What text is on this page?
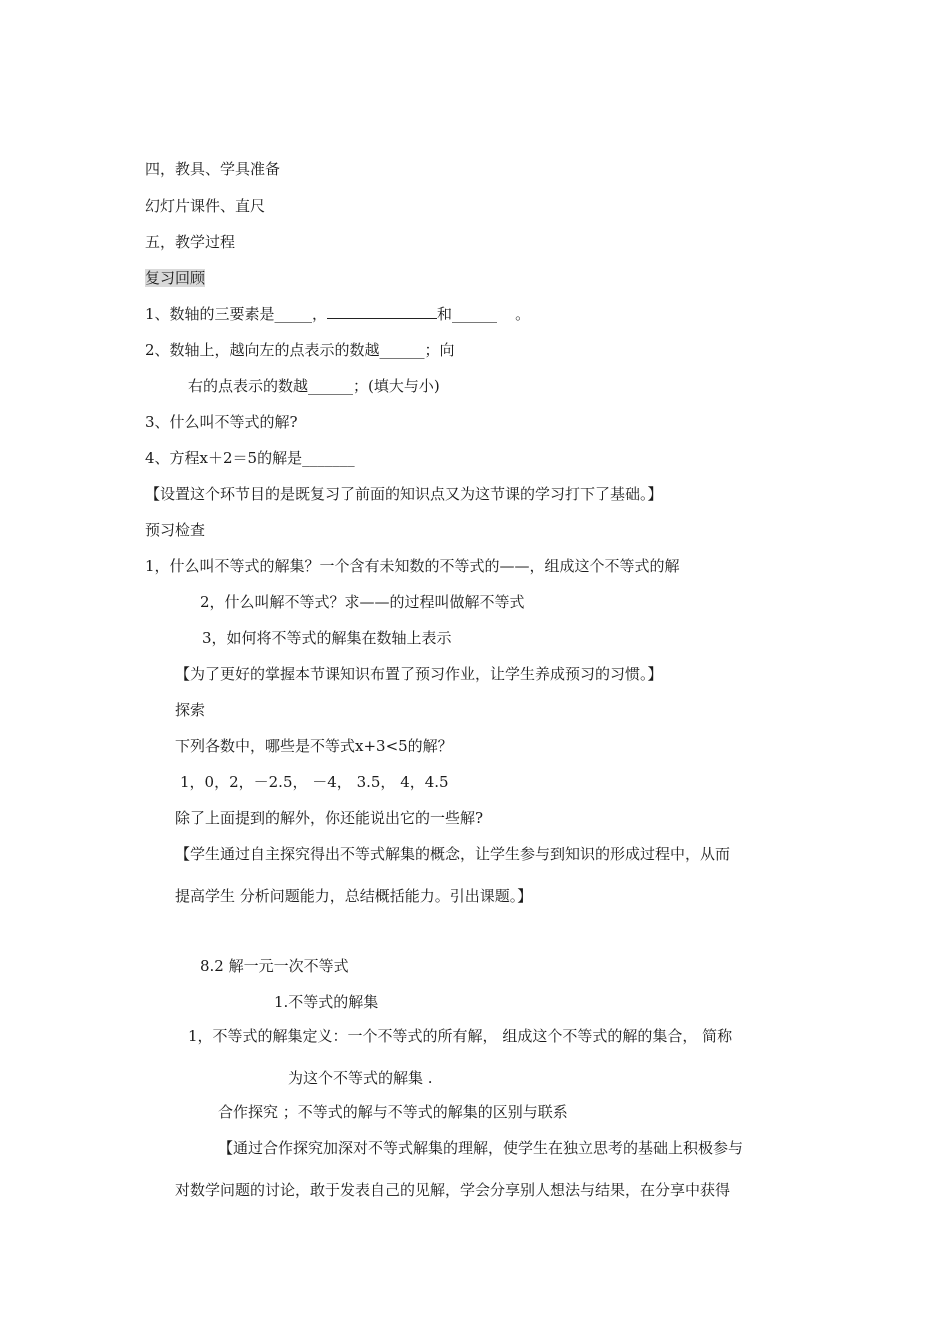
四，教具、学具准备
幻灯片课件、直尺
五，教学过程
复习回顾
1、数轴的三要素是_____，	和______ 。
2、数轴上，越向左的点表示的数越______；向
右的点表示的数越______；(填大与小)
3、什么叫不等式的解?
4、方程x＋2＝5的解是_______
【设置这个环节目的是既复习了前面的知识点又为这节课的学习打下了基础。】
预习检查
1，什么叫不等式的解集？一个含有未知数的不等式的——，组成这个不等式的解
2，什么叫解不等式？求——的过程叫做解不等式
3，如何将不等式的解集在数轴上表示
【为了更好的掌握本节课知识布置了预习作业，让学生养成预习的习惯。】
探索
下列各数中，哪些是不等式x+3<5的解？
1，0，2，－2.5， －4， 3.5， 4，4.5
除了上面提到的解外，你还能说出它的一些解?
【学生通过自主探究得出不等式解集的概念，让学生参与到知识的形成过程中，从而
提高学生 分析问题能力，总结概括能力。引出课题。】
8.2 解一元一次不等式
1.不等式的解集
1，不等式的解集定义：一个不等式的所有解， 组成这个不等式的解的集合， 简称
为这个不等式的解集 .
合作探究 ；不等式的解与不等式的解集的区别与联系
【通过合作探究加深对不等式解集的理解，使学生在独立思考的基础上积极参与
对数学问题的讨论，敢于发表自己的见解，学会分享别人想法与结果，在分享中获得
